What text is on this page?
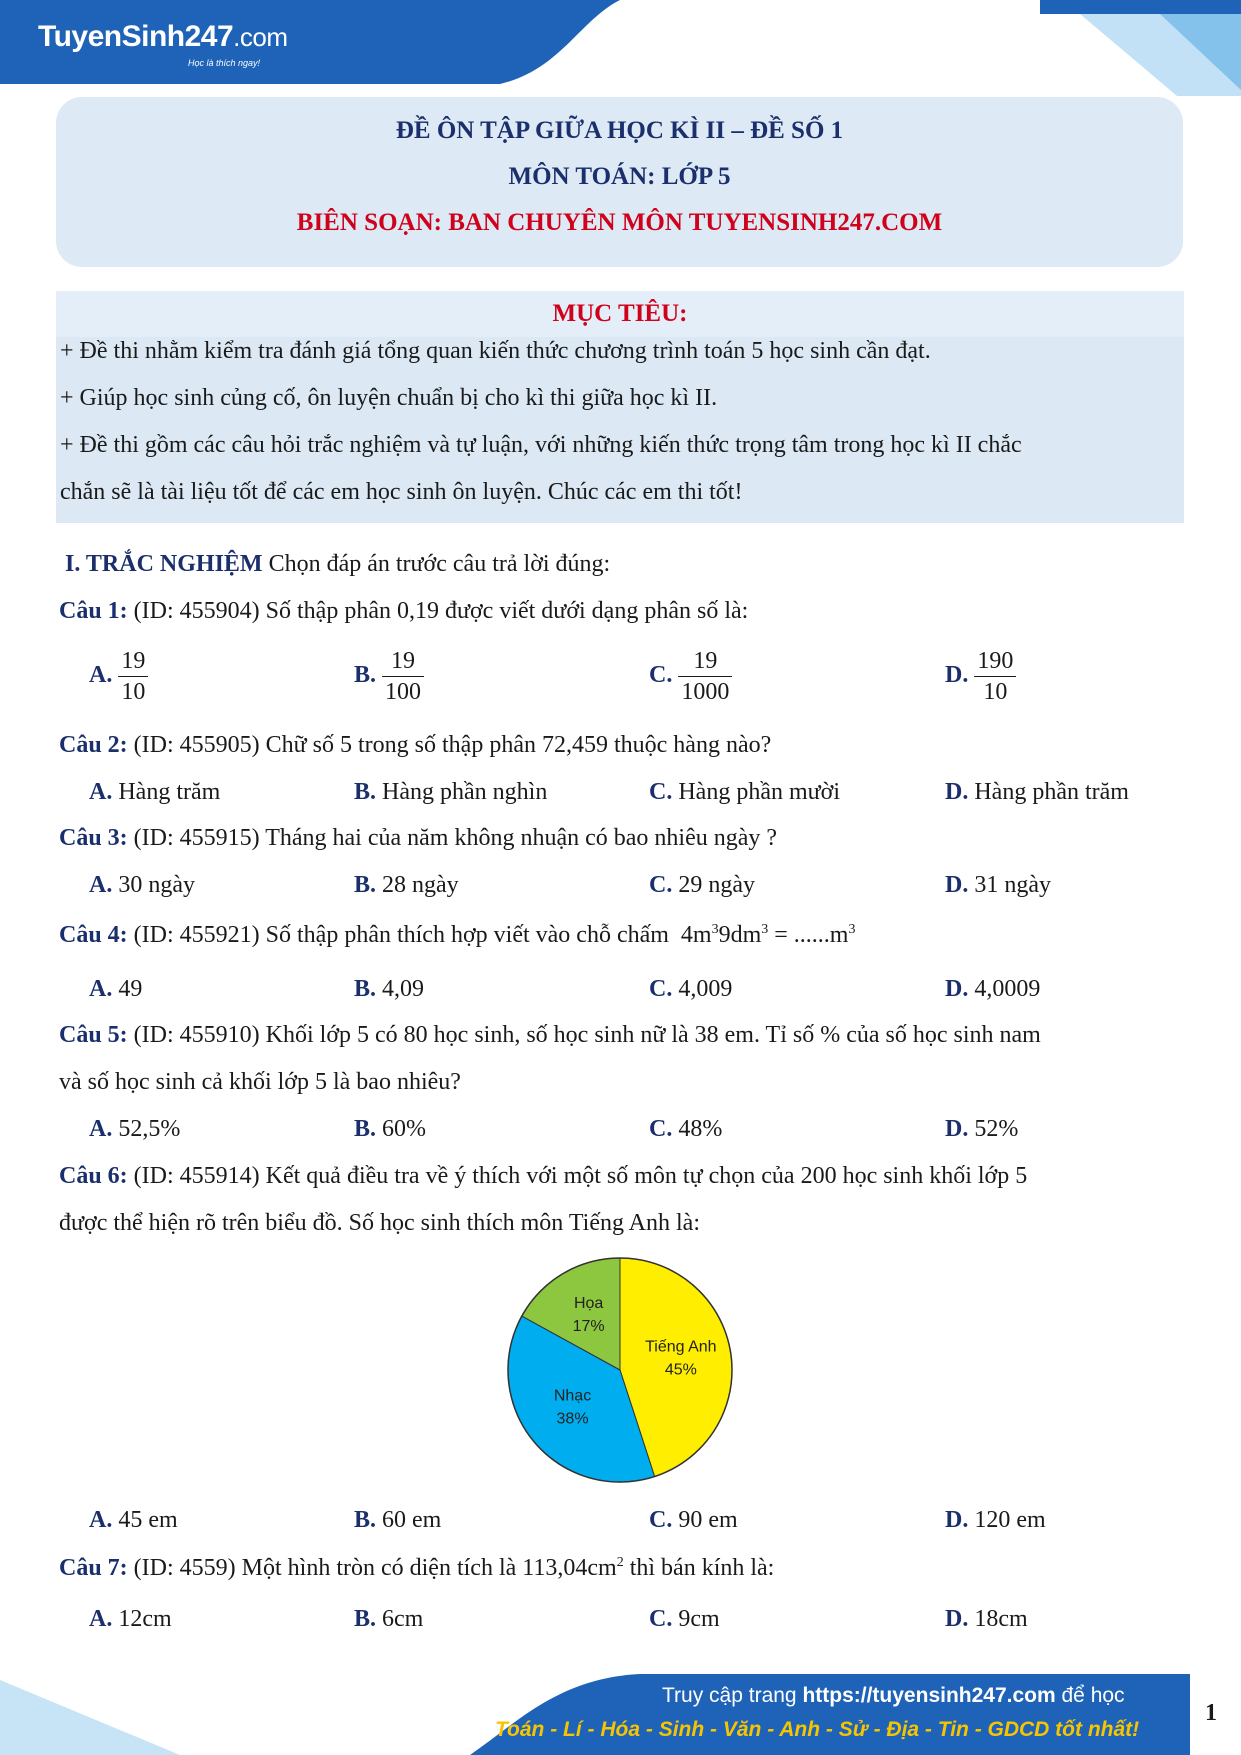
TuyenSinh247.com
Học là thích ngay!
ĐỀ ÔN TẬP GIỮA HỌC KÌ II – ĐỀ SỐ 1
MÔN TOÁN: LỚP 5
BIÊN SOẠN: BAN CHUYÊN MÔN TUYENSINH247.COM
MỤC TIÊU:
+ Đề thi nhằm kiểm tra đánh giá tổng quan kiến thức chương trình toán 5 học sinh cần đạt.
+ Giúp học sinh củng cố, ôn luyện chuẩn bị cho kì thi giữa học kì II.
+ Đề thi gồm các câu hỏi trắc nghiệm và tự luận, với những kiến thức trọng tâm trong học kì II chắc
chắn sẽ là tài liệu tốt để các em học sinh ôn luyện. Chúc các em thi tốt!
I. TRẮC NGHIỆM Chọn đáp án trước câu trả lời đúng:
Câu 1: (ID: 455904) Số thập phân 0,19 được viết dưới dạng phân số là:
A. $\frac{19}{10}$	B. $\frac{19}{100}$	C. $\frac{19}{1000}$	D. $\frac{190}{10}$
Câu 2: (ID: 455905) Chữ số 5 trong số thập phân 72,459 thuộc hàng nào?
A. Hàng trăm	B. Hàng phần nghìn	C. Hàng phần mười	D. Hàng phần trăm
Câu 3: (ID: 455915) Tháng hai của năm không nhuận có bao nhiêu ngày ?
A. 30 ngày	B. 28 ngày	C. 29 ngày	D. 31 ngày
Câu 4: (ID: 455921) Số thập phân thích hợp viết vào chỗ chấm $4m^39dm^3 = ......m^3$
A. 49	B. 4,09	C. 4,009	D. 4,0009
Câu 5: (ID: 455910) Khối lớp 5 có 80 học sinh, số học sinh nữ là 38 em. Tỉ số % của số học sinh nam
và số học sinh cả khối lớp 5 là bao nhiêu?
A. 52,5%	B. 60%	C. 48%	D. 52%
Câu 6: (ID: 455914) Kết quả điều tra về ý thích với một số môn tự chọn của 200 học sinh khối lớp 5
được thể hiện rõ trên biểu đồ. Số học sinh thích môn Tiếng Anh là:
Tiếng Anh
45%
Nhạc
38%
Họa
17%
A. 45 em	B. 60 em	C. 90 em	D. 120 em
Câu 7: (ID: 4559) Một hình tròn có diện tích là $113,04cm^2$ thì bán kính là:
A. 12cm	B. 6cm	C. 9cm	D. 18cm
Truy cập trang https://tuyensinh247.com để học
Toán - Lí - Hóa - Sinh - Văn - Anh - Sử - Địa - Tin - GDCD tốt nhất!
1
